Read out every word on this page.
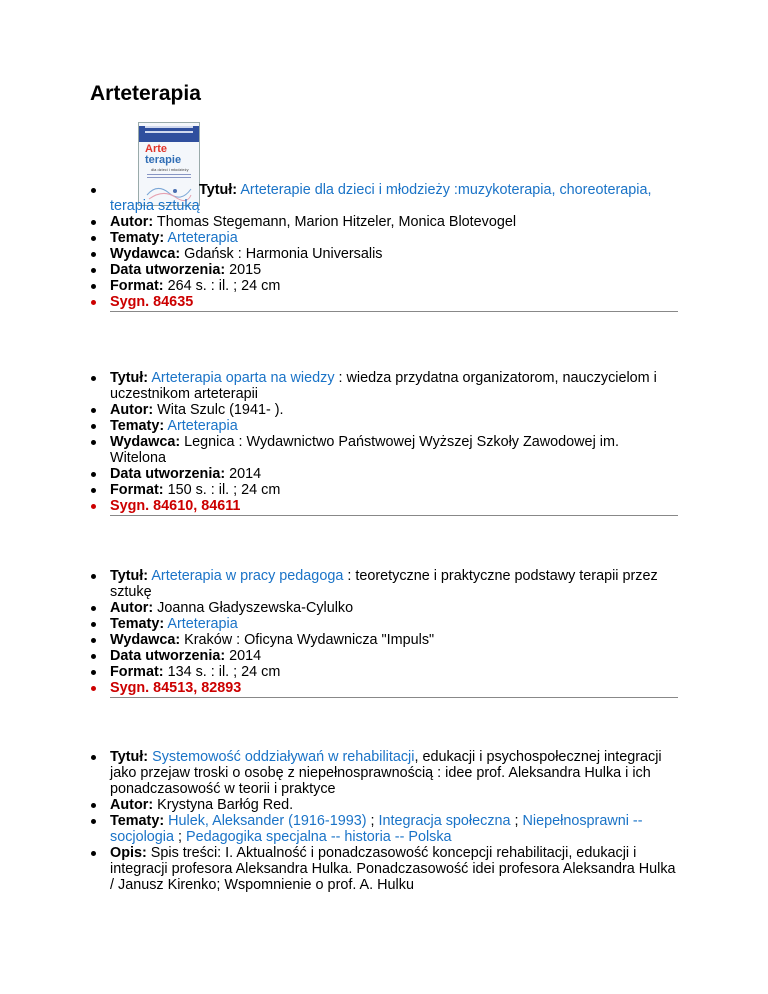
Arteterapia
Arte
terapie
dla dzieci i młodzieży
Tytuł: Arteterapie dla dzieci i młodzieży :muzykoterapia, choreoterapia, terapia sztuką
Autor: Thomas Stegemann, Marion Hitzeler, Monica Blotevogel
Tematy: Arteterapia
Wydawca: Gdańsk : Harmonia Universalis
Data utworzenia: 2015
Format: 264 s. : il. ; 24 cm
Sygn. 84635
Tytuł: Arteterapia oparta na wiedzy : wiedza przydatna organizatorom, nauczycielom i uczestnikom arteterapii
Autor: Wita Szulc (1941- ).
Tematy: Arteterapia
Wydawca: Legnica : Wydawnictwo Państwowej Wyższej Szkoły Zawodowej im. Witelona
Data utworzenia: 2014
Format: 150 s. : il. ; 24 cm
Sygn. 84610, 84611
Tytuł: Arteterapia w pracy pedagoga : teoretyczne i praktyczne podstawy terapii przez sztukę
Autor: Joanna Gładyszewska-Cylulko
Tematy: Arteterapia
Wydawca: Kraków : Oficyna Wydawnicza "Impuls"
Data utworzenia: 2014
Format: 134 s. : il. ; 24 cm
Sygn. 84513, 82893
Tytuł: Systemowość oddziaływań w rehabilitacji, edukacji i psychospołecznej integracji jako przejaw troski o osobę z niepełnosprawnością : idee prof. Aleksandra Hulka i ich ponadczasowość w teorii i praktyce
Autor: Krystyna Barłóg Red.
Tematy: Hulek, Aleksander (1916-1993) ; Integracja społeczna ; Niepełnosprawni -- socjologia ; Pedagogika specjalna -- historia -- Polska
Opis: Spis treści: I. Aktualność i ponadczasowość koncepcji rehabilitacji, edukacji i integracji profesora Aleksandra Hulka. Ponadczasowość idei profesora Aleksandra Hulka / Janusz Kirenko; Wspomnienie o prof. A. Hulku
